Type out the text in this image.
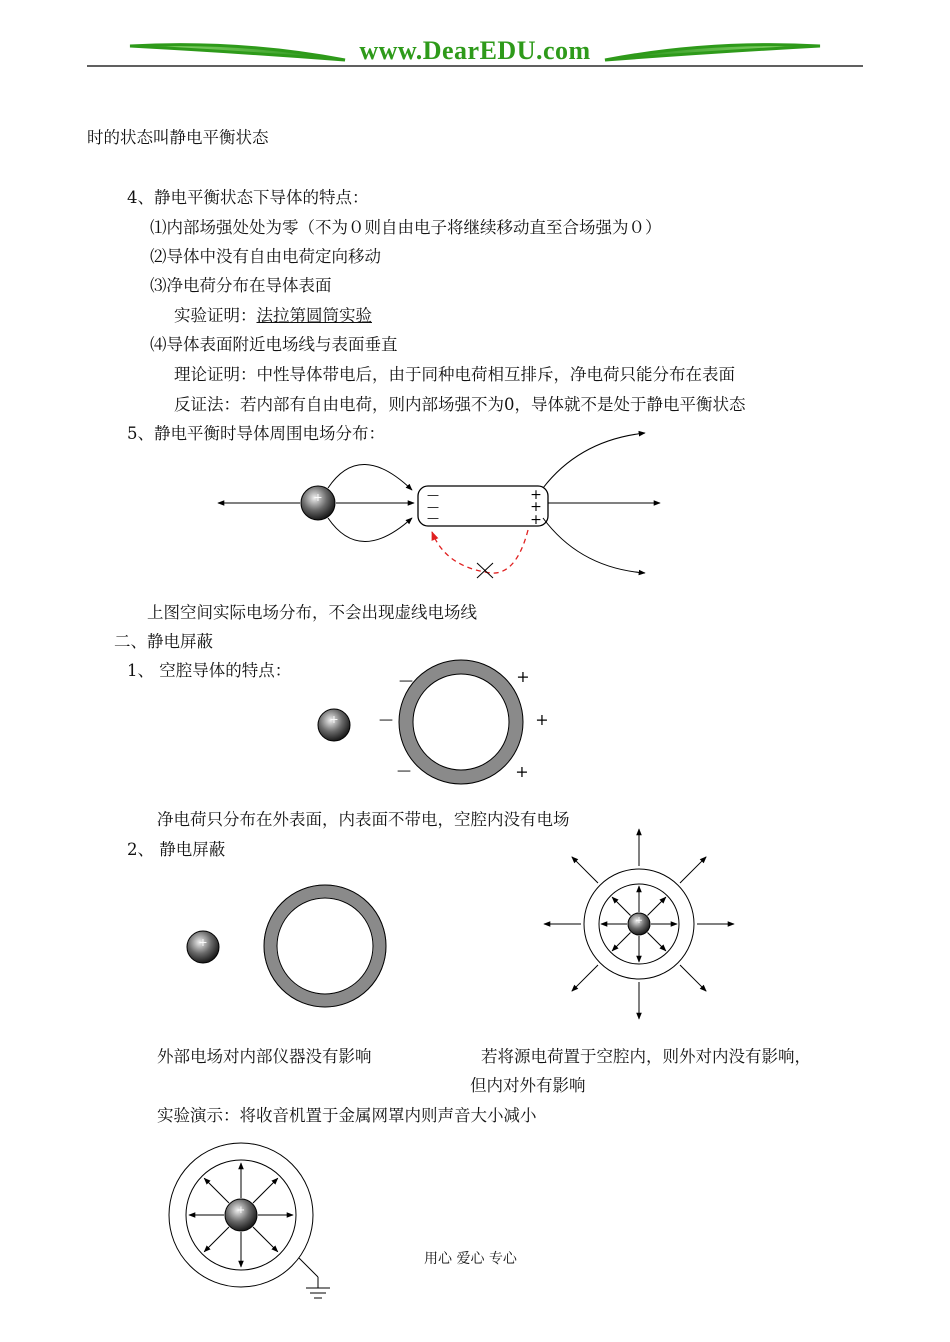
www.DearEDU.com
+	—
—
—
+
+
+
+
—
—
—
+
+
+
+
+
+
时的状态叫静电平衡状态
4、静电平衡状态下导体的特点：
⑴内部场强处处为零（不为０则自由电子将继续移动直至合场强为０）
⑵导体中没有自由电荷定向移动
⑶净电荷分布在导体表面
实验证明：法拉第圆筒实验
⑷导体表面附近电场线与表面垂直
理论证明：中性导体带电后，由于同种电荷相互排斥，净电荷只能分布在表面
反证法：若内部有自由电荷，则内部场强不为0，导体就不是处于静电平衡状态
5、静电平衡时导体周围电场分布：
上图空间实际电场分布，不会出现虚线电场线
二、静电屏蔽
1、 空腔导体的特点：
净电荷只分布在外表面，内表面不带电，空腔内没有电场
2、 静电屏蔽
外部电场对内部仪器没有影响	若将源电荷置于空腔内，则外对内没有影响，
但内对外有影响
实验演示：将收音机置于金属网罩内则声音大小减小
用心 爱心 专心
